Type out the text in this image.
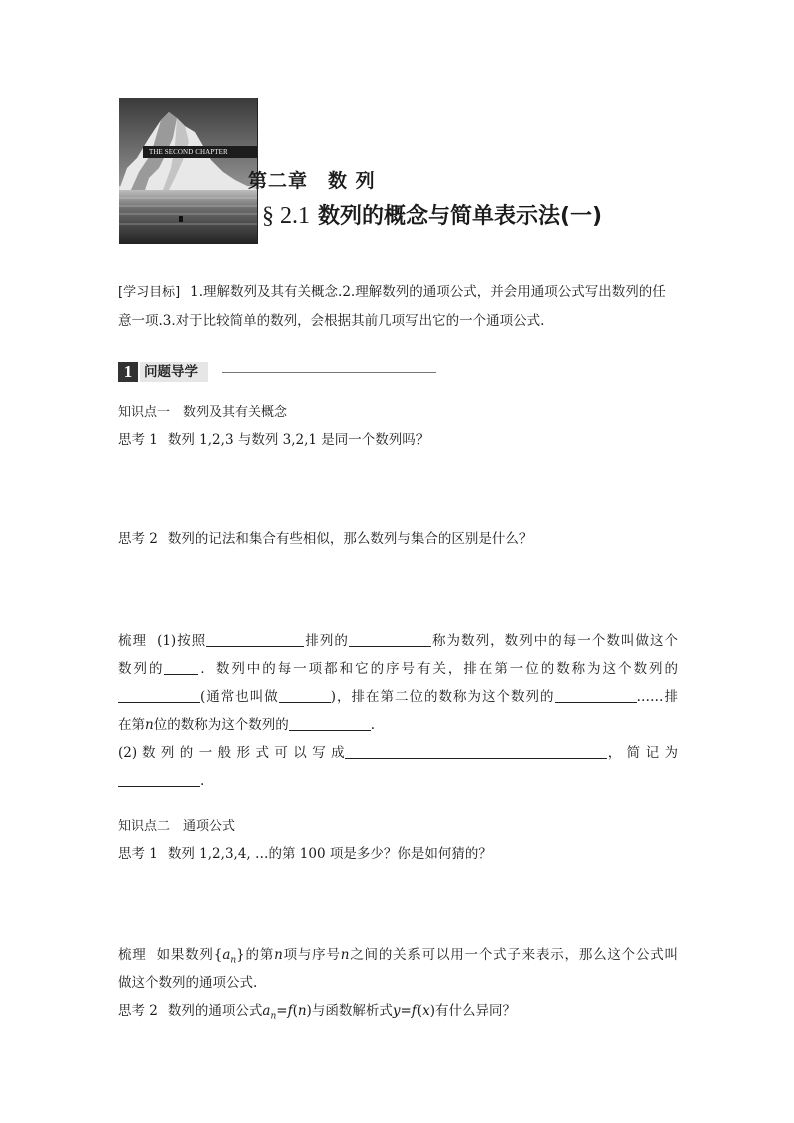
THE SECOND CHAPTER
第二章　数 列
§ 2.1 数列的概念与简单表示法(一)
[学习目标] 1.理解数列及其有关概念.2.理解数列的通项公式，并会用通项公式写出数列的任意一项.3.对于比较简单的数列，会根据其前几项写出它的一个通项公式.
1 问题导学
知识点一　数列及其有关概念
思考 1 数列 1,2,3 与数列 3,2,1 是同一个数列吗？
思考 2 数列的记法和集合有些相似，那么数列与集合的区别是什么？
梳理 (1)按照	排列的	称为数列，数列中的每一个数叫做这个
数列的	．数列中的每一项都和它的序号有关，排在第一位的数称为这个数列的
(通常也叫做	)，排在第二位的数称为这个数列的	……排
在第n位的数称为这个数列的	.
(2) 数 列 的 一 般 形 式 可 以 写 成	， 简 记 为
.
知识点二　通项公式
思考 1 数列 1,2,3,4, …的第 100 项是多少？你是如何猜的？
梳理 如果数列$\{a_n\}$的第n项与序号n之间的关系可以用一个式子来表示，那么这个公式叫
做这个数列的通项公式.
思考 2 数列的通项公式$a_n=f(n)$与函数解析式y=f(x)有什么异同？
